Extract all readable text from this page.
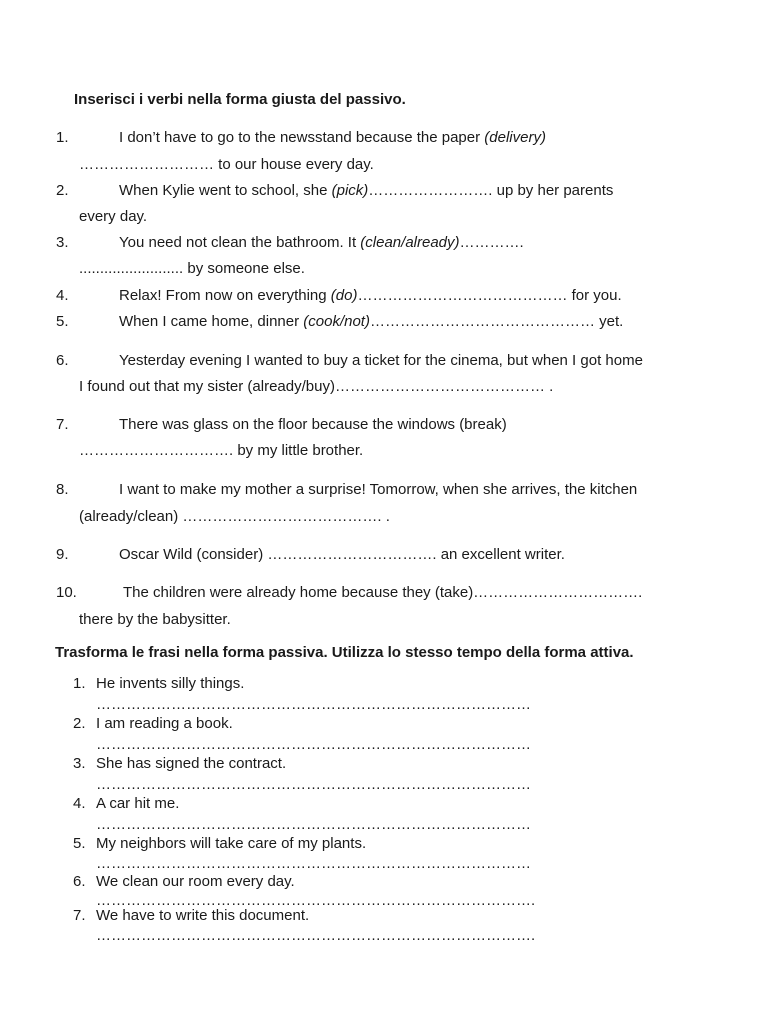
Inserisci i verbi nella forma giusta del passivo.
1.	I don’t have to go to the newsstand because the paper (delivery)
……………………… to our house every day.
2.	When Kylie went to school, she (pick)……………………. up by her parents
every day.
3.	You need not clean the bathroom. It (clean/already)………….
......................... by someone else.
4.	Relax! From now on everything (do)…………………………………… for you.
5.	When I came home, dinner (cook/not)……………………………………… yet.
6.	Yesterday evening I wanted to buy a ticket for the cinema, but when I got home
I found out that my sister (already/buy)…………………………………… .
7.	There was glass on the floor because the windows (break)
…………………………. by my little brother.
8.	I want to make my mother a surprise! Tomorrow, when she arrives, the kitchen
(already/clean) …………………………………. .
9.	Oscar Wild (consider) ……………………………. an excellent writer.
10.	The children were already home because they (take)…………………………….
there by the babysitter.
Trasforma le frasi nella forma passiva. Utilizza lo stesso tempo della forma attiva.
1. He invents silly things.
……………………………………………………………………………
2. I am reading a book.
……………………………………………………………………………
3. She has signed the contract.
……………………………………………………………………………
4. A car hit me.
……………………………………………………………………………
5. My neighbors will take care of my plants.
……………………………………………………………………………
6. We clean our room every day.
…………………………………………………………………………….
7. We have to write this document.
…………………………………………………………………………….
